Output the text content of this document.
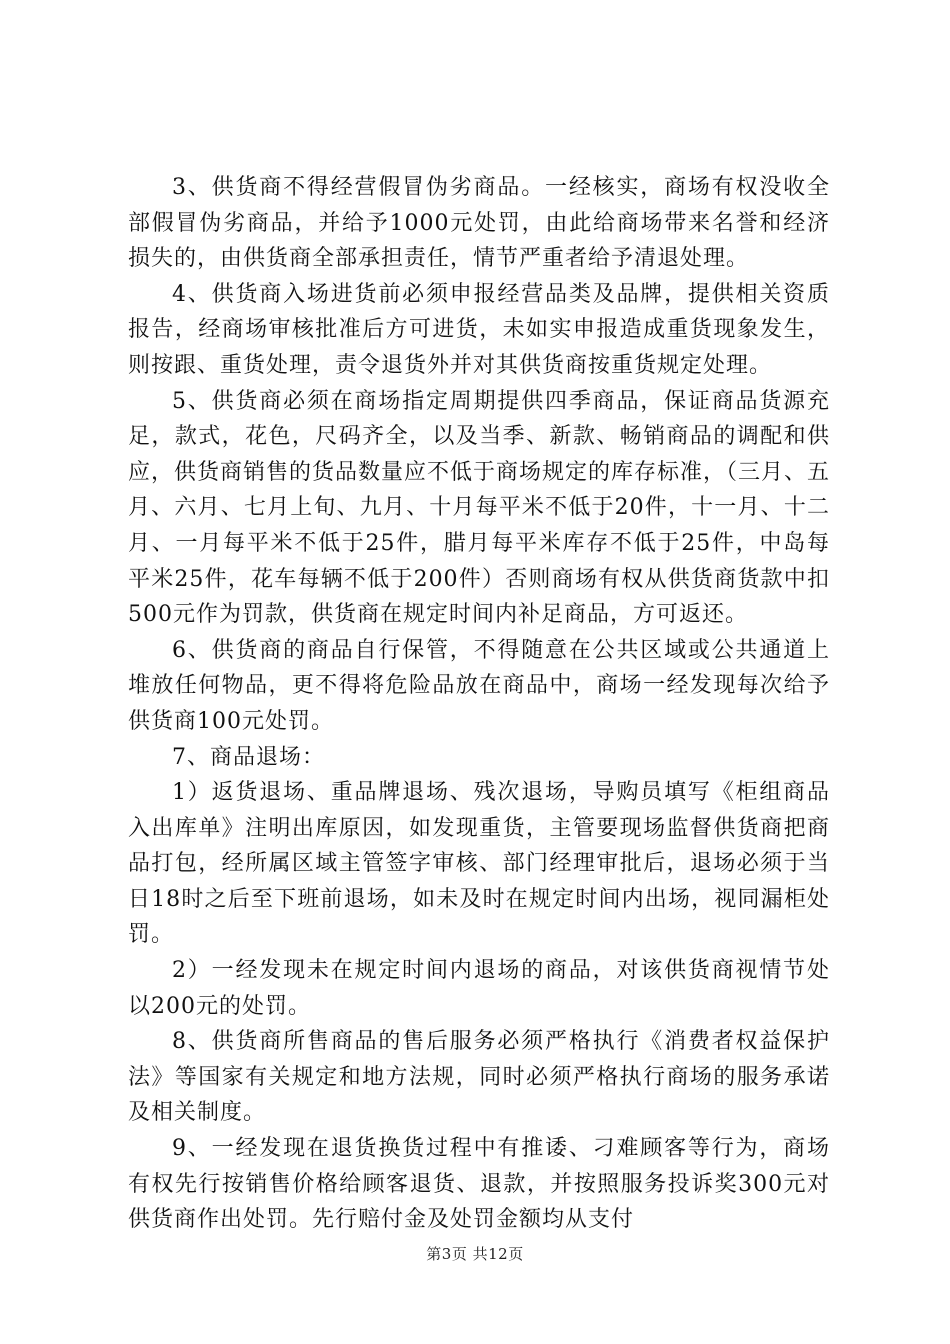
3、供货商不得经营假冒伪劣商品。一经核实，商场有权没收全部假冒伪劣商品，并给予1000元处罚，由此给商场带来名誉和经济损失的，由供货商全部承担责任，情节严重者给予清退处理。

4、供货商入场进货前必须申报经营品类及品牌，提供相关资质报告，经商场审核批准后方可进货，未如实申报造成重货现象发生，则按跟、重货处理，责令退货外并对其供货商按重货规定处理。

5、供货商必须在商场指定周期提供四季商品，保证商品货源充足，款式，花色，尺码齐全，以及当季、新款、畅销商品的调配和供应，供货商销售的货品数量应不低于商场规定的库存标准，（三月、五月、六月、七月上旬、九月、十月每平米不低于20件，十一月、十二月、一月每平米不低于25件，腊月每平米库存不低于25件，中岛每平米25件，花车每辆不低于200件）否则商场有权从供货商货款中扣500元作为罚款，供货商在规定时间内补足商品，方可返还。

6、供货商的商品自行保管，不得随意在公共区域或公共通道上堆放任何物品，更不得将危险品放在商品中，商场一经发现每次给予供货商100元处罚。

7、商品退场：

1）返货退场、重品牌退场、残次退场，导购员填写《柜组商品入出库单》注明出库原因，如发现重货，主管要现场监督供货商把商品打包，经所属区域主管签字审核、部门经理审批后，退场必须于当日18时之后至下班前退场，如未及时在规定时间内出场，视同漏柜处罚。

2）一经发现未在规定时间内退场的商品，对该供货商视情节处以200元的处罚。

8、供货商所售商品的售后服务必须严格执行《消费者权益保护法》等国家有关规定和地方法规，同时必须严格执行商场的服务承诺及相关制度。

9、一经发现在退货换货过程中有推诿、刁难顾客等行为，商场有权先行按销售价格给顾客退货、退款，并按照服务投诉奖300元对供货商作出处罚。先行赔付金及处罚金额均从支付

第3页 共12页
